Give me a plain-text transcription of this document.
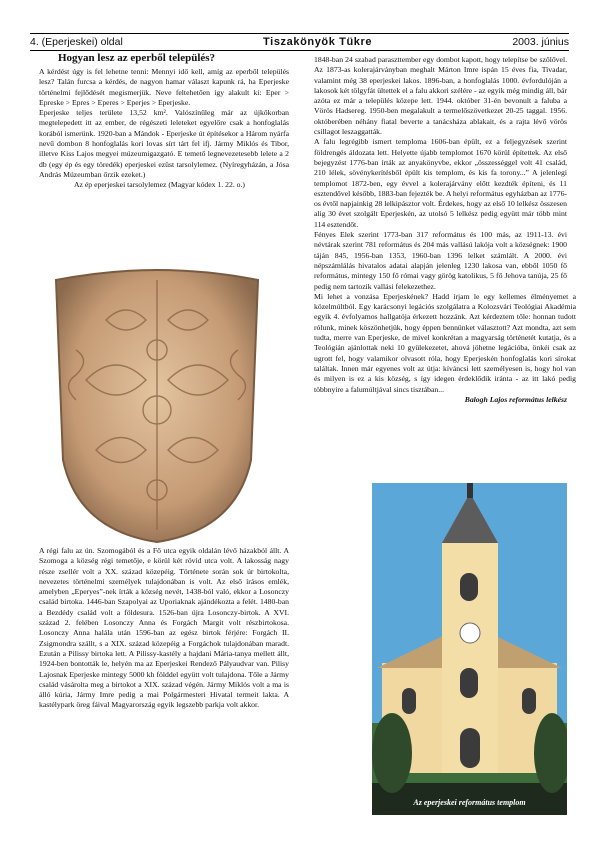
4. (Eperjeskei) oldal	Tiszakönyök Tükre	2003. június
Hogyan lesz az eperből település?

A kérdést úgy is fel lehetne tenni: Mennyi idő kell, amíg az eperből település lesz? Talán furcsa a kérdés, de nagyon hamar választ kapunk rá, ha Eperjeske történelmi fejlődését megismerjük. Neve feltehetően így alakult ki: Eper > Epreske > Epres > Eperes > Eperjes > Eperjeske.

Eperjeske teljes területe 13,52 km². Valószínűleg már az újkőkorban megtelepedett itt az ember, de régészeti leleteket egyelőre csak a honfoglalás korából ismerünk. 1920-ban a Mándok - Eperjeske út építésekor a Három nyárfa nevű dombon 8 honfoglalás kori lovas sírt tárt fel ifj. Jármy Miklós és Tibor, illetve Kiss Lajos megyei múzeumigazgató. E temető legnevezetesebb lelete a 2 db (egy ép és egy töredék) eperjeskei ezüst tarsolylemez. (Nyíregyházán, a Jósa András Múzeumban őrzik ezeket.)

Az ép eperjeskei tarsolylemez (Magyar kódex 1. 22. o.)

A régi falu az ún. Szomogából és a Fő utca egyik oldalán lévő házakból állt. A Szomoga a község régi temetője, e körül két rövid utca volt. A lakosság nagy része zsellér volt a XX. század közepéig. Története során sok úr birtokolta, nevezetes történelmi személyek tulajdonában is volt. Az első írásos emlék, amelyben „Eperyes”-nek írták a község nevét, 1438-ból való, ekkor a Losonczy család birtoka. 1446-ban Szapolyai az Uporiaknak ajándékozta a felét. 1480-ban a Bezdédy család volt a földesura. 1526-ban újra Losonczy-birtok. A XVI. század 2. felében Losonczy Anna és Forgách Margit volt részbirtokosa. Losonczy Anna halála után 1596-ban az egész birtok férjére: Forgách II. Zsigmondra szállt, s a XIX. század közepéig a Forgáchok tulajdonában maradt. Ezután a Pilissy birtoka lett. A Pilissy-kastély a hajdani Mária-tanya mellett állt, 1924-ben bontották le, helyén ma az Eperjeskei Rendező Pályaudvar van. Pilisy Lajosnak Eperjeske mintegy 5000 kh földdel együtt volt tulajdona. Tőle a Jármy család vásárolta meg a birtokot a XIX. század végén. Jármy Miklós volt a ma is álló kúria, Jármy Imre pedig a mai Polgármesteri Hivatal termeit lakta. A kastélypark öreg fáival Magyarország egyik legszebb parkja volt akkor.

Az eperjeskei református templom

1848-ban 24 szabad paraszttember egy dombot kapott, hogy telepítse be szőlővel. Az 1873-as kolerajárványban meghalt Márton Imre ispán 15 éves fia, Tivadar, valamint még 38 eperjeskei lakos. 1896-ban, a honfoglalás 1000. évfordulóján a lakosok két tölgyfát ültettek el a falu akkori szélére - az egyik még mindig áll, bár azóta ez már a település közepe lett. 1944. október 31-én bevonult a faluba a Vörös Hadsereg. 1950-ben megalakult a termelőszövetkezet 20-25 taggal. 1956. októberében néhány fiatal beverte a tanácsháza ablakait, és a rajta lévő vörös csillagot leszaggatták.

A falu legrégibb ismert temploma 1606-ban épült, ez a feljegyzések szerint földrengés áldozata lett. Helyette újabb templomot 1670 körül építettek. Az első bejegyzést 1776-ban írták az anyakönyvbe, ekkor „összességgel volt 41 család, 210 lélek, sövénykerítésből épült kis templom, és kis fa torony...” A jelenlegi templomot 1872-ben, egy évvel a kolerajárvány előtt kezdték építeni, és 11 esztendővel később, 1883-ban fejezték be. A helyi református egyházban az 1776-os évtől napjainkig 28 lelkipásztor volt. Érdekes, hogy az első 10 lelkész összesen alig 30 évet szolgált Eperjeskén, az utolsó 5 lelkész pedig együtt már több mint 114 esztendőt.

Fényes Elek szerint 1773-ban 317 református és 100 más, az 1911-13. évi névtárak szerint 781 református és 204 más vallású lakója volt a községnek: 1900 táján 845, 1956-ban 1353, 1960-ban 1396 lelket számlált. A 2000. évi népszámlálás hivatalos adatai alapján jelenleg 1230 lakosa van, ebből 1050 fő református, mintegy 150 fő római vagy görög katolikus, 5 fő Jehova tanúja, 25 fő pedig nem tartozik vallási felekezethez.

Mi lehet a vonzása Eperjeskének? Hadd írjam le egy kellemes élményemet a közelmúltból. Egy karácsonyi legációs szolgálatra a Kolozsvári Teológiai Akadémia egyik 4. évfolyamos hallgatója érkezett hozzánk. Azt kérdeztem tőle: honnan tudott rólunk, minek köszönhetjük, hogy éppen bennünket választott? Azt mondta, azt sem tudta, merre van Eperjeske, de mivel konkrétan a magyarság történetét kutatja, és a Teológián ajánlottak neki 10 gyülekezetet, ahová jöhetne legációba, önkéi csak az ugrott fel, hogy valamikor olvasott róla, hogy Eperjeskén honfoglalás kori sírokat találtak. Innen már egyenes volt az útja: kíváncsi lett személyesen is, hogy hol van és milyen is ez a kis község, s így idegen érdeklődik iránta - az itt lakó pedig többnyire a falumúltjával sincs tisztában...

Balogh Lajos református lelkész
